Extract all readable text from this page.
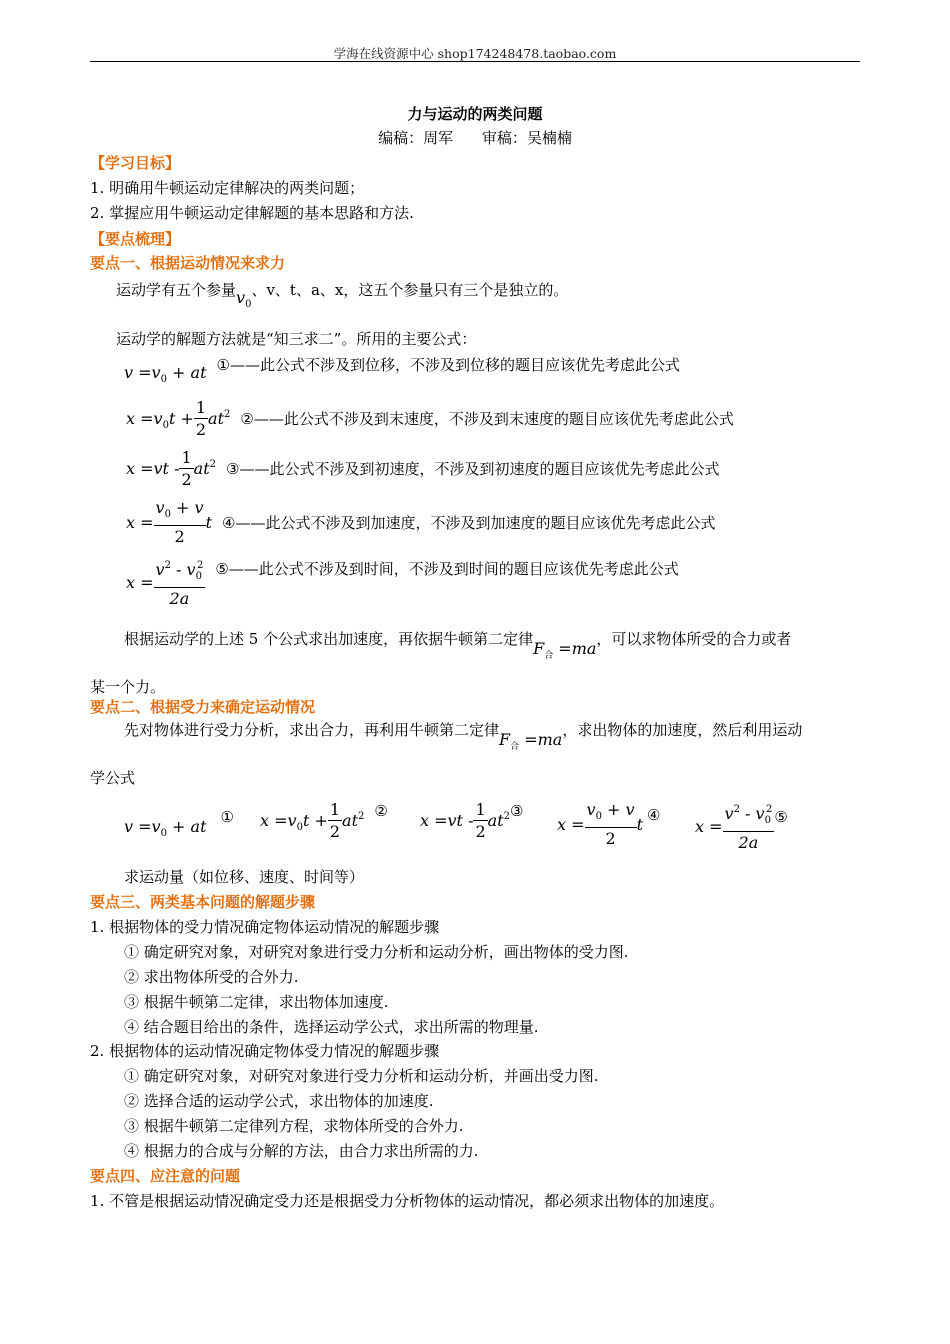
学海在线资源中心 shop174248478.taobao.com
力与运动的两类问题
编稿：周军 审稿：吴楠楠
【学习目标】
1. 明确用牛顿运动定律解决的两类问题；
2. 掌握应用牛顿运动定律解题的基本思路和方法.
【要点梳理】
要点一、根据运动情况来求力
运动学有五个参量$v_0$、v、t、a、x，这五个参量只有三个是独立的。
运动学的解题方法就是“知三求二”。所用的主要公式：
$v =v_0$ + at ①——此公式不涉及到位移，不涉及到位移的题目应该优先考虑此公式
$x =v_0t + \frac{1}{2} at^2$ ②——此公式不涉及到末速度，不涉及到末速度的题目应该优先考虑此公式
$x =vt - \frac{1}{2} at^2$ ③——此公式不涉及到初速度，不涉及到初速度的题目应该优先考虑此公式
$x = \frac{v_0 + v}{2}$ t ④——此公式不涉及到加速度，不涉及到加速度的题目应该优先考虑此公式
$x = \frac{v^2 - v_0^2}{2a}$ ⑤——此公式不涉及到时间，不涉及到时间的题目应该优先考虑此公式
根据运动学的上述 5 个公式求出加速度，再依据牛顿第二定律$F_合 =ma$，可以求物体所受的合力或者
某一个力。
要点二、根据受力来确定运动情况
先对物体进行受力分析，求出合力，再利用牛顿第二定律$F_合 =ma$，求出物体的加速度，然后利用运动
学公式
$v =v_0$ + at ① $x =v_0t + \frac{1}{2} at^2$ ② $x =vt - \frac{1}{2}$ $at^2③$
$x = \frac{v_0 + v}{2}$ t ④
$x = \frac{v^2 - v_0^2}{2a}$ ⑤
求运动量（如位移、速度、时间等）
要点三、两类基本问题的解题步骤
1. 根据物体的受力情况确定物体运动情况的解题步骤
① 确定研究对象，对研究对象进行受力分析和运动分析，画出物体的受力图.
② 求出物体所受的合外力.
③ 根据牛顿第二定律，求出物体加速度.
④ 结合题目给出的条件，选择运动学公式，求出所需的物理量.
2. 根据物体的运动情况确定物体受力情况的解题步骤
① 确定研究对象，对研究对象进行受力分析和运动分析，并画出受力图.
② 选择合适的运动学公式，求出物体的加速度.
③ 根据牛顿第二定律列方程，求物体所受的合外力.
④ 根据力的合成与分解的方法，由合力求出所需的力.
要点四、应注意的问题
1. 不管是根据运动情况确定受力还是根据受力分析物体的运动情况，都必须求出物体的加速度。
